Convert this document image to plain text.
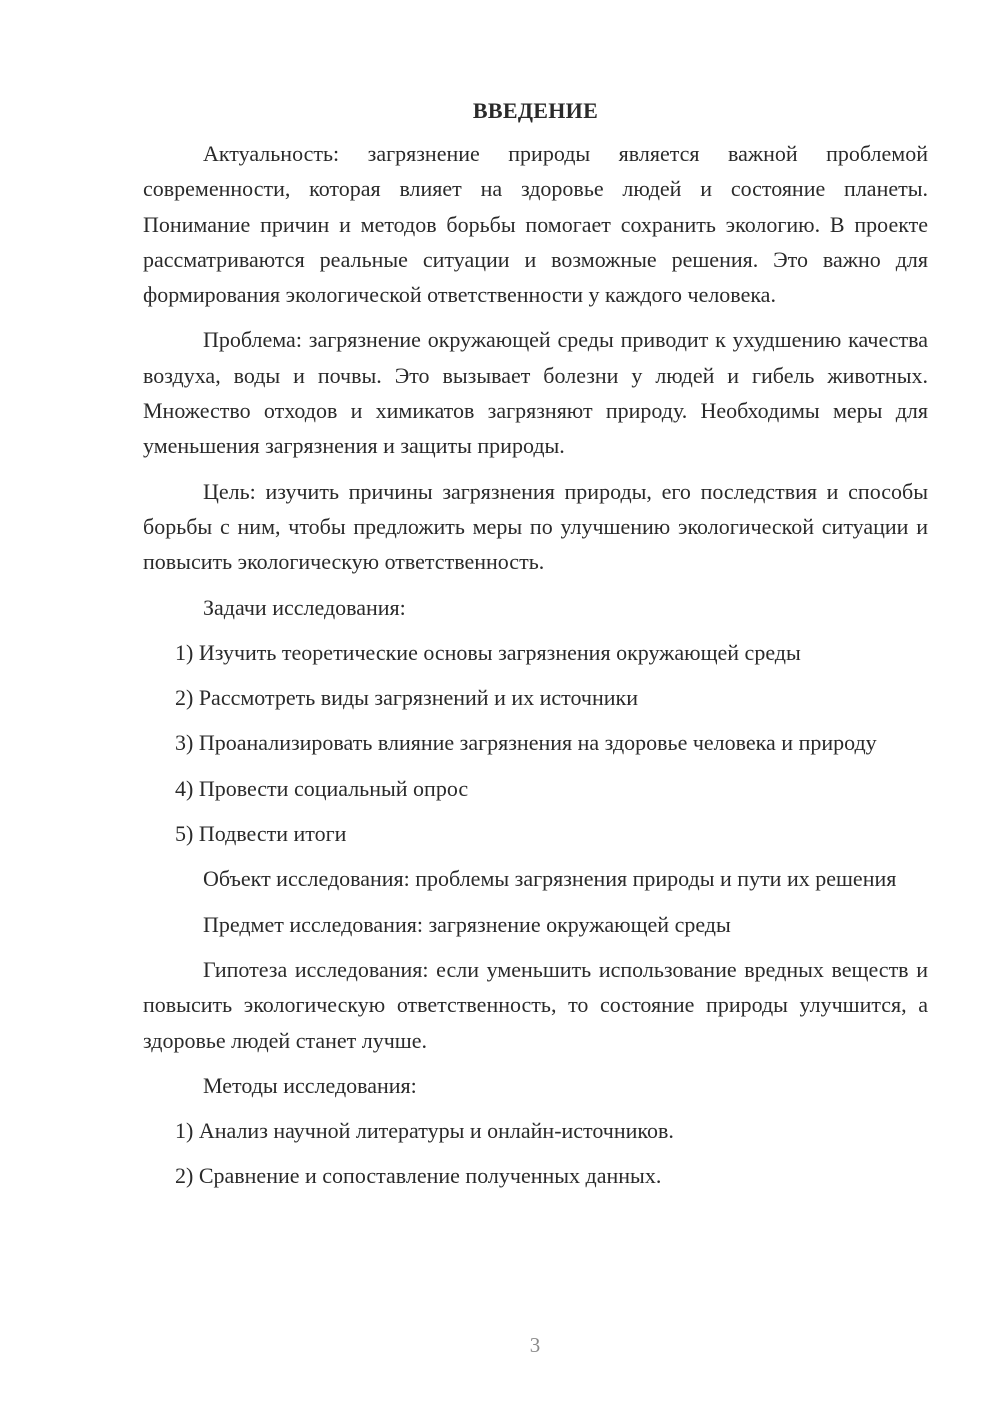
ВВЕДЕНИЕ
Актуальность: загрязнение природы является важной проблемой современности, которая влияет на здоровье людей и состояние планеты. Понимание причин и методов борьбы помогает сохранить экологию. В проекте рассматриваются реальные ситуации и возможные решения. Это важно для формирования экологической ответственности у каждого человека.
Проблема: загрязнение окружающей среды приводит к ухудшению качества воздуха, воды и почвы. Это вызывает болезни у людей и гибель животных. Множество отходов и химикатов загрязняют природу. Необходимы меры для уменьшения загрязнения и защиты природы.
Цель: изучить причины загрязнения природы, его последствия и способы борьбы с ним, чтобы предложить меры по улучшению экологической ситуации и повысить экологическую ответственность.
Задачи исследования:
1) Изучить теоретические основы загрязнения окружающей среды
2) Рассмотреть виды загрязнений и их источники
3) Проанализировать влияние загрязнения на здоровье человека и природу
4) Провести социальный опрос
5) Подвести итоги
Объект исследования: проблемы загрязнения природы и пути их решения
Предмет исследования: загрязнение окружающей среды
Гипотеза исследования: если уменьшить использование вредных веществ и повысить экологическую ответственность, то состояние природы улучшится, а здоровье людей станет лучше.
Методы исследования:
1) Анализ научной литературы и онлайн-источников.
2) Сравнение и сопоставление полученных данных.
3
